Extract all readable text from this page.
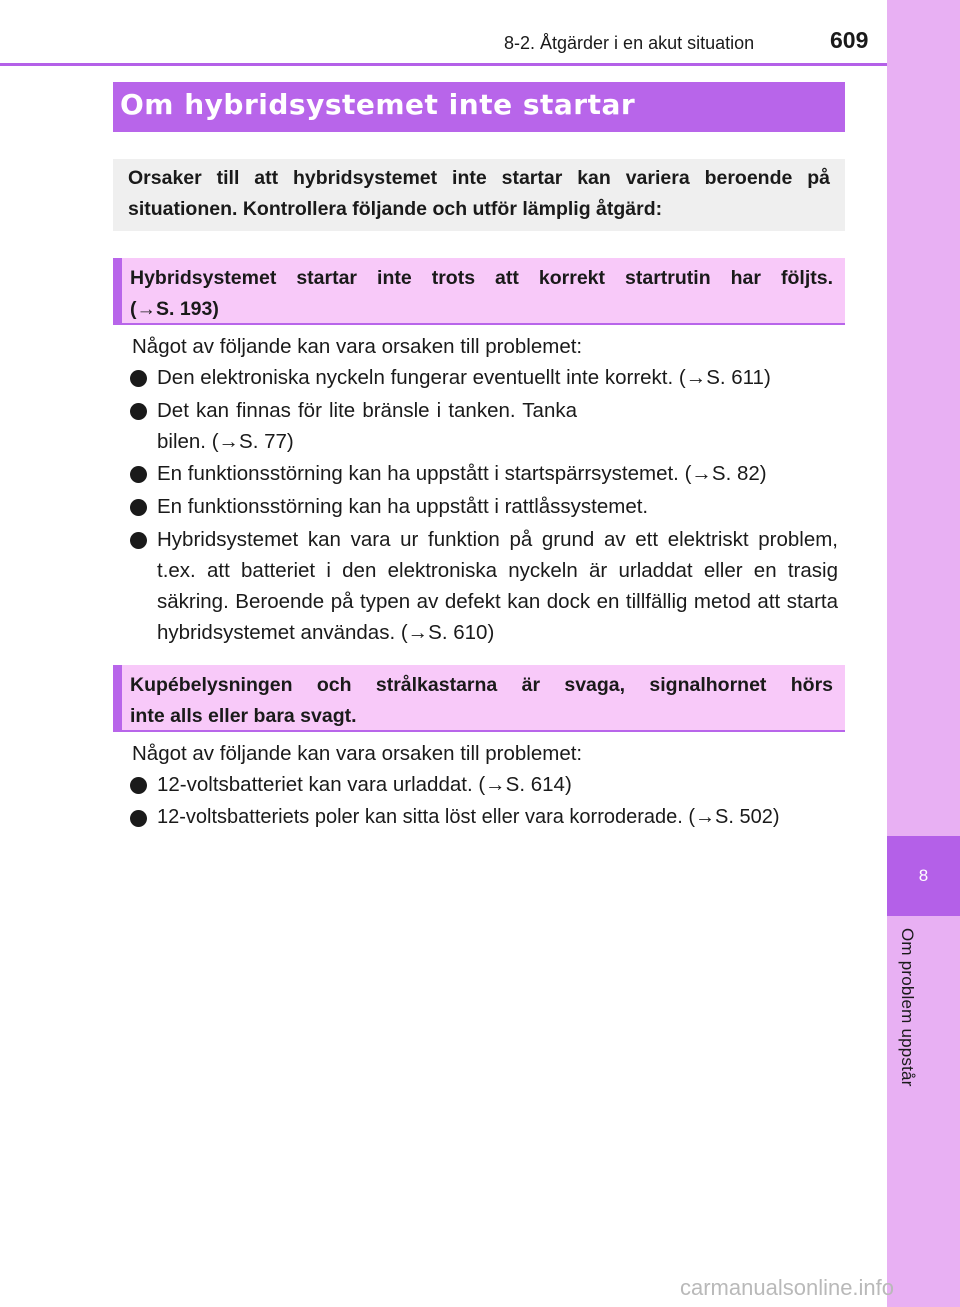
8
Om problem uppstår
8-2. Åtgärder i en akut situation	609
Om hybridsystemet inte startar
Orsaker till att hybridsystemet inte startar kan variera beroende på situationen. Kontrollera följande och utför lämplig åtgärd:
Hybridsystemet startar inte trots att korrekt startrutin har följts.
(→S. 193)
Något av följande kan vara orsaken till problemet:
Den elektroniska nyckeln fungerar eventuellt inte korrekt. (→S. 611)
Det kan finnas för lite bränsle i tanken. Tanka bilen. (→S. 77)
En funktionsstörning kan ha uppstått i startspärrsystemet. (→S. 82)
En funktionsstörning kan ha uppstått i rattlåssystemet.
Hybridsystemet kan vara ur funktion på grund av ett elektriskt problem, t.ex. att batteriet i den elektroniska nyckeln är urladdat eller en trasig säkring. Beroende på typen av defekt kan dock en tillfällig metod att starta hybridsystemet användas. (→S. 610)
Kupébelysningen och strålkastarna är svaga, signalhornet hörs
inte alls eller bara svagt.
Något av följande kan vara orsaken till problemet:
12-voltsbatteriet kan vara urladdat. (→S. 614)
12-voltsbatteriets poler kan sitta löst eller vara korroderade. (→S. 502)
carmanualsonline.info
